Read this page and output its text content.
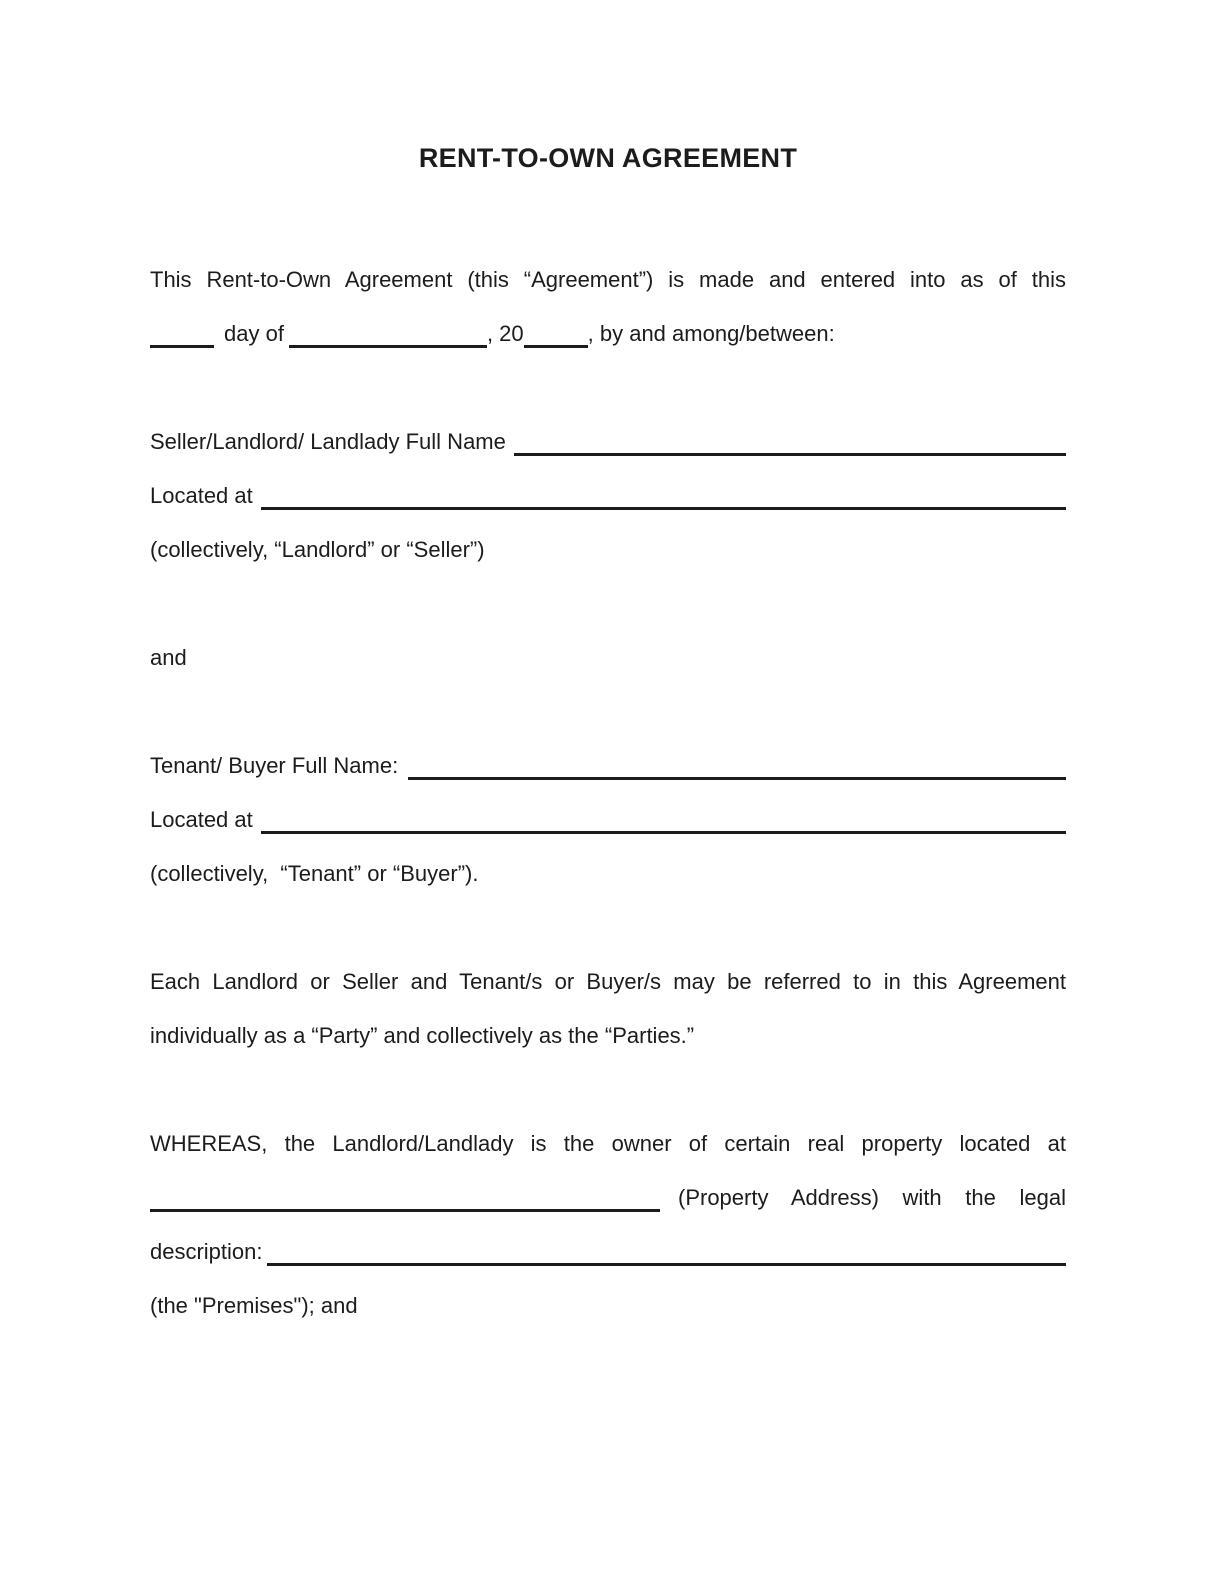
RENT-TO-OWN AGREEMENT
This Rent-to-Own Agreement (this “Agreement”) is made and entered into as of this
day of	, 20	, by and among/between:
Seller/Landlord/ Landlady Full Name
Located at
(collectively, “Landlord” or “Seller”)
and
Tenant/ Buyer Full Name:
Located at
(collectively,  “Tenant” or “Buyer”).
Each Landlord or Seller and Tenant/s or Buyer/s may be referred to in this Agreement
individually as a “Party” and collectively as the “Parties.”
WHEREAS, the Landlord/Landlady is the owner of certain real property located at
(Property Address) with the legal
description:
(the "Premises"); and
